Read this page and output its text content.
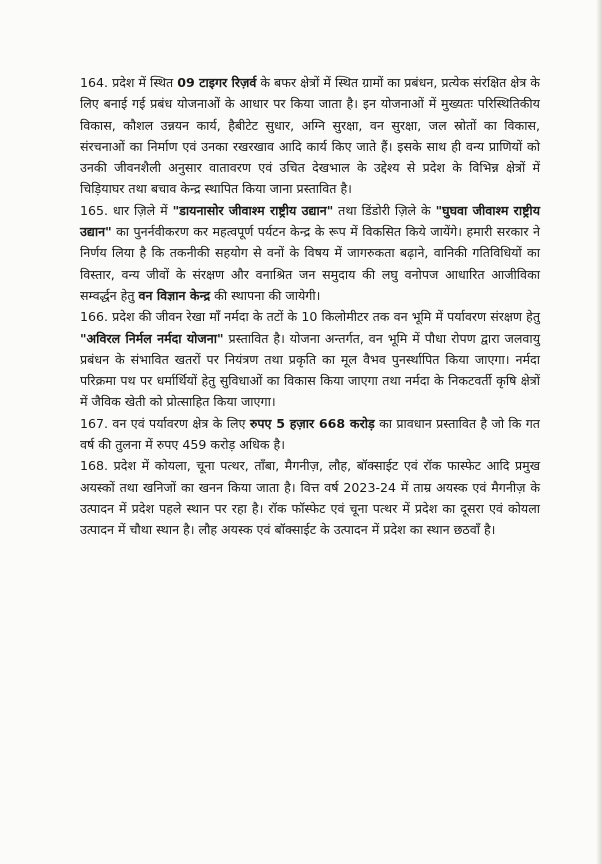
164. प्रदेश में स्थित 09 टाइगर रिज़र्व के बफर क्षेत्रों में स्थित ग्रामों का प्रबंधन, प्रत्येक संरक्षित क्षेत्र के लिए बनाई गई प्रबंध योजनाओं के आधार पर किया जाता है। इन योजनाओं में मुख्यतः परिस्थितिकीय विकास, कौशल उन्नयन कार्य, हैबीटेट सुधार, अग्नि सुरक्षा, वन सुरक्षा, जल स्रोतों का विकास, संरचनाओं का निर्माण एवं उनका रखरखाव आदि कार्य किए जाते हैं। इसके साथ ही वन्य प्राणियों को उनकी जीवनशैली अनुसार वातावरण एवं उचित देखभाल के उद्देश्य से प्रदेश के विभिन्न क्षेत्रों में चिड़ियाघर तथा बचाव केन्द्र स्थापित किया जाना प्रस्तावित है।

165. धार ज़िले में "डायनासोर जीवाश्म राष्ट्रीय उद्यान" तथा डिंडोरी ज़िले के "घुघवा जीवाश्म राष्ट्रीय उद्यान" का पुनर्नवीकरण कर महत्वपूर्ण पर्यटन केन्द्र के रूप में विकसित किये जायेंगे। हमारी सरकार ने निर्णय लिया है कि तकनीकी सहयोग से वनों के विषय में जागरुकता बढ़ाने, वानिकी गतिविधियों का विस्तार, वन्य जीवों के संरक्षण और वनाश्रित जन समुदाय की लघु वनोपज आधारित आजीविका सम्वर्द्धन हेतु वन विज्ञान केन्द्र की स्थापना की जायेगी।

166. प्रदेश की जीवन रेखा माँ नर्मदा के तटों के 10 किलोमीटर तक वन भूमि में पर्यावरण संरक्षण हेतु "अविरल निर्मल नर्मदा योजना" प्रस्तावित है। योजना अन्तर्गत, वन भूमि में पौधा रोपण द्वारा जलवायु प्रबंधन के संभावित खतरों पर नियंत्रण तथा प्रकृति का मूल वैभव पुनर्स्थापित किया जाएगा। नर्मदा परिक्रमा पथ पर धर्मार्थियों हेतु सुविधाओं का विकास किया जाएगा तथा नर्मदा के निकटवर्ती कृषि क्षेत्रों में जैविक खेती को प्रोत्साहित किया जाएगा।

167. वन एवं पर्यावरण क्षेत्र के लिए रुपए 5 हज़ार 668 करोड़ का प्रावधान प्रस्तावित है जो कि गत वर्ष की तुलना में रुपए 459 करोड़ अधिक है।

168. प्रदेश में कोयला, चूना पत्थर, ताँबा, मैगनीज़, लौह, बॉक्साईट एवं रॉक फास्फेट आदि प्रमुख अयस्कों तथा खनिजों का खनन किया जाता है। वित्त वर्ष 2023-24 में ताम्र अयस्क एवं मैगनीज़ के उत्पादन में प्रदेश पहले स्थान पर रहा है। रॉक फॉस्फेट एवं चूना पत्थर में प्रदेश का दूसरा एवं कोयला उत्पादन में चौथा स्थान है। लौह अयस्क एवं बॉक्साईट के उत्पादन में प्रदेश का स्थान छठवाँ है।
